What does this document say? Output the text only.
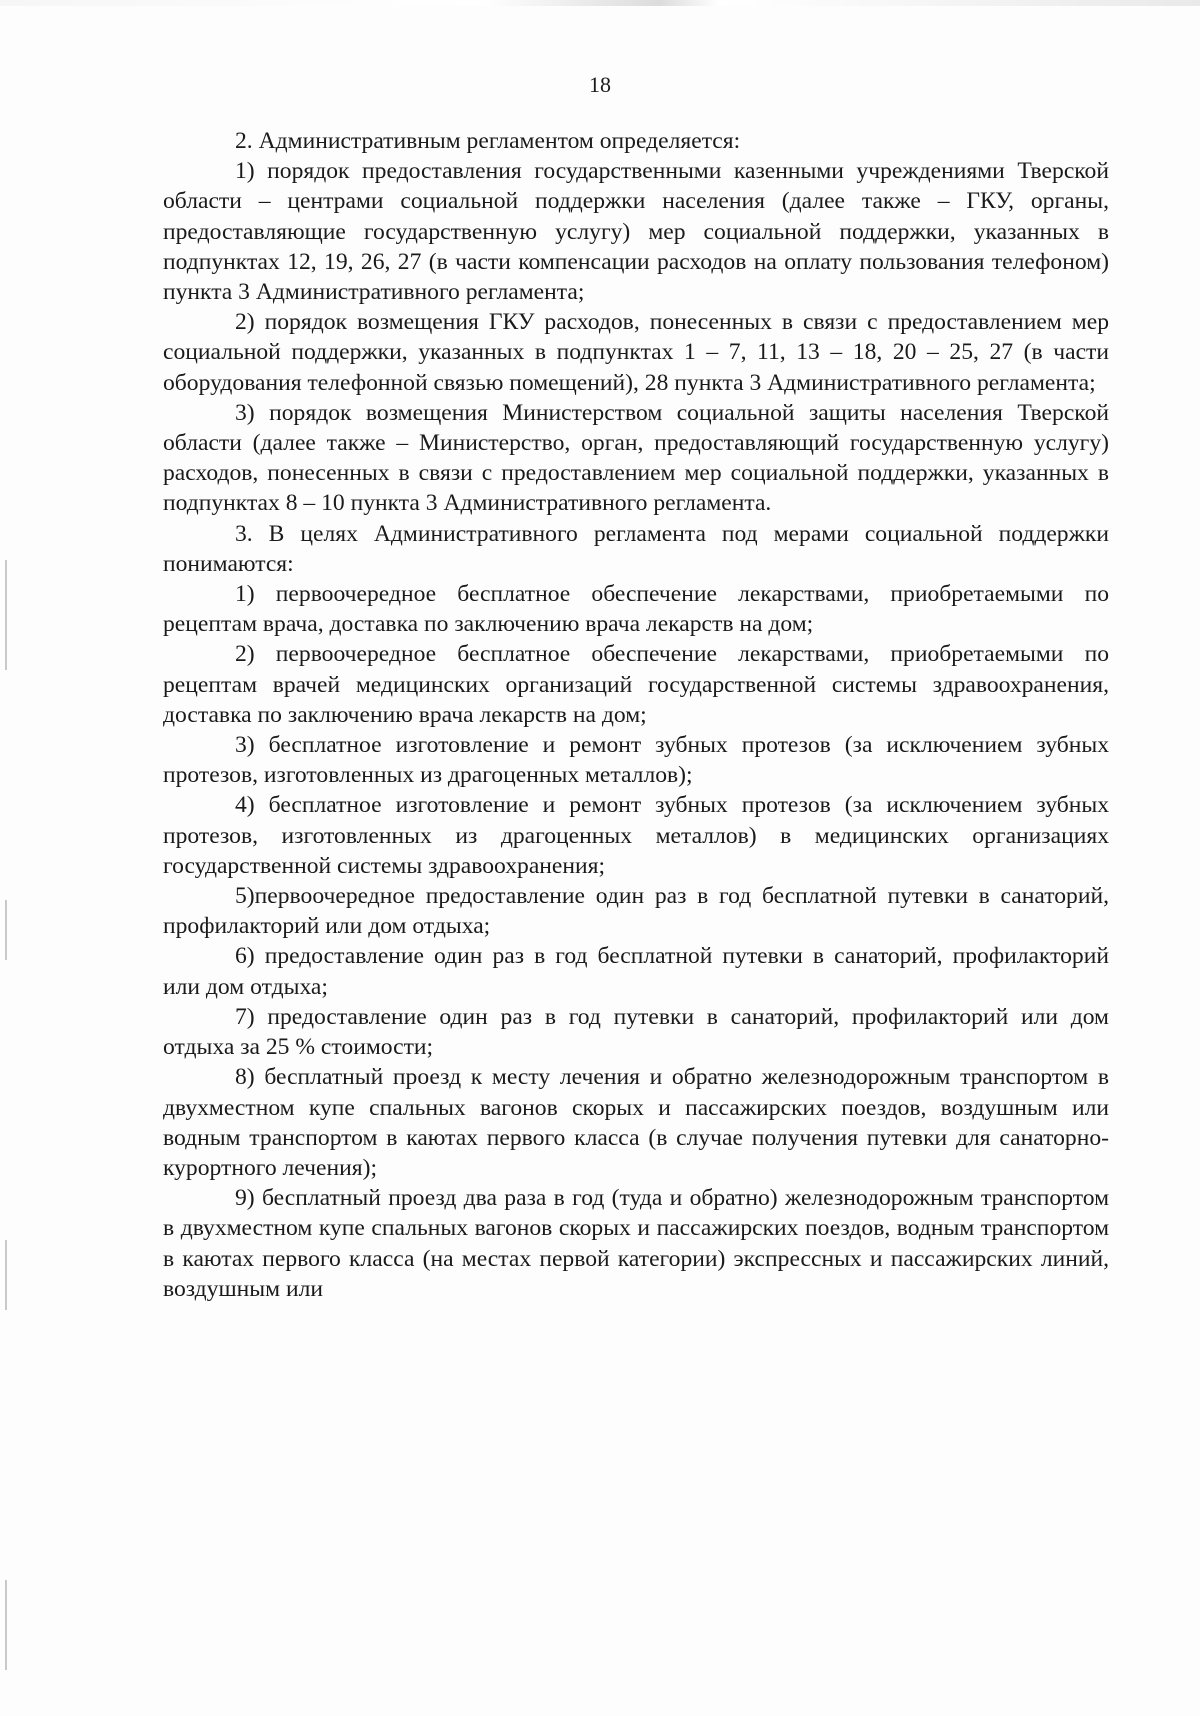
18

2. Административным регламентом определяется:

1) порядок предоставления государственными казенными учреждениями Тверской области – центрами социальной поддержки населения (далее также – ГКУ, органы, предоставляющие государственную услугу) мер социальной поддержки, указанных в подпунктах 12, 19, 26, 27 (в части компенсации расходов на оплату пользования телефоном) пункта 3 Административного регламента;

2) порядок возмещения ГКУ расходов, понесенных в связи с предоставлением мер социальной поддержки, указанных в подпунктах 1 – 7, 11, 13 – 18, 20 – 25, 27 (в части оборудования телефонной связью помещений), 28 пункта 3 Административного регламента;

3) порядок возмещения Министерством социальной защиты населения Тверской области (далее также – Министерство, орган, предоставляющий государственную услугу) расходов, понесенных в связи с предоставлением мер социальной поддержки, указанных в подпунктах 8 – 10 пункта 3 Административного регламента.

3. В целях Административного регламента под мерами социальной поддержки понимаются:

1) первоочередное бесплатное обеспечение лекарствами, приобретаемыми по рецептам врача, доставка по заключению врача лекарств на дом;

2) первоочередное бесплатное обеспечение лекарствами, приобретаемыми по рецептам врачей медицинских организаций государственной системы здравоохранения, доставка по заключению врача лекарств на дом;

3) бесплатное изготовление и ремонт зубных протезов (за исключением зубных протезов, изготовленных из драгоценных металлов);

4) бесплатное изготовление и ремонт зубных протезов (за исключением зубных протезов, изготовленных из драгоценных металлов) в медицинских организациях государственной системы здравоохранения;

5)первоочередное предоставление один раз в год бесплатной путевки в санаторий, профилакторий или дом отдыха;

6) предоставление один раз в год бесплатной путевки в санаторий, профилакторий или дом отдыха;

7) предоставление один раз в год путевки в санаторий, профилакторий или дом отдыха за 25 % стоимости;

8) бесплатный проезд к месту лечения и обратно железнодорожным транспортом в двухместном купе спальных вагонов скорых и пассажирских поездов, воздушным или водным транспортом в каютах первого класса (в случае получения путевки для санаторно-курортного лечения);

9) бесплатный проезд два раза в год (туда и обратно) железнодорожным транспортом в двухместном купе спальных вагонов скорых и пассажирских поездов, водным транспортом в каютах первого класса (на местах первой категории) экспрессных и пассажирских линий, воздушным или
